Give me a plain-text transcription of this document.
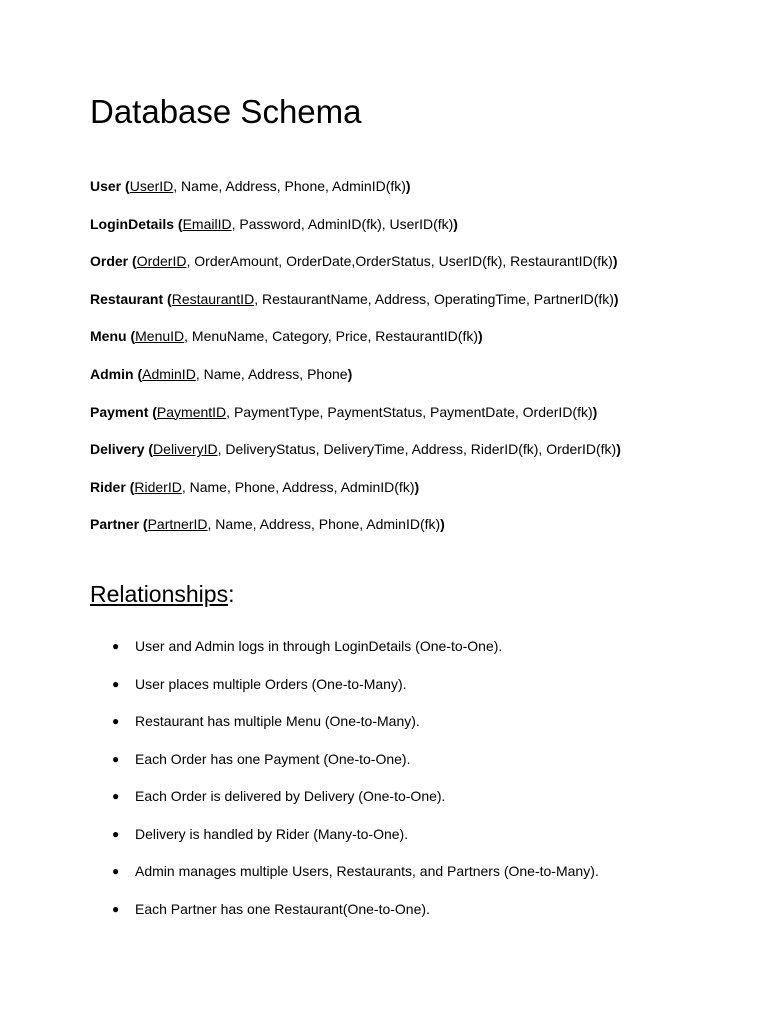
Database Schema
User (UserID, Name, Address, Phone, AdminID(fk))
LoginDetails (EmailID, Password, AdminID(fk), UserID(fk))
Order (OrderID, OrderAmount, OrderDate,OrderStatus, UserID(fk), RestaurantID(fk))
Restaurant (RestaurantID, RestaurantName, Address, OperatingTime, PartnerID(fk))
Menu (MenuID, MenuName, Category, Price, RestaurantID(fk))
Admin (AdminID, Name, Address, Phone)
Payment (PaymentID, PaymentType, PaymentStatus, PaymentDate, OrderID(fk))
Delivery (DeliveryID, DeliveryStatus, DeliveryTime, Address, RiderID(fk), OrderID(fk))
Rider (RiderID, Name, Phone, Address, AdminID(fk))
Partner (PartnerID, Name, Address, Phone, AdminID(fk))
Relationships:
●	User and Admin logs in through LoginDetails (One-to-One).
●	User places multiple Orders (One-to-Many).
●	Restaurant has multiple Menu (One-to-Many).
●	Each Order has one Payment (One-to-One).
●	Each Order is delivered by Delivery (One-to-One).
●	Delivery is handled by Rider (Many-to-One).
●	Admin manages multiple Users, Restaurants, and Partners (One-to-Many).
●	Each Partner has one Restaurant(One-to-One).
